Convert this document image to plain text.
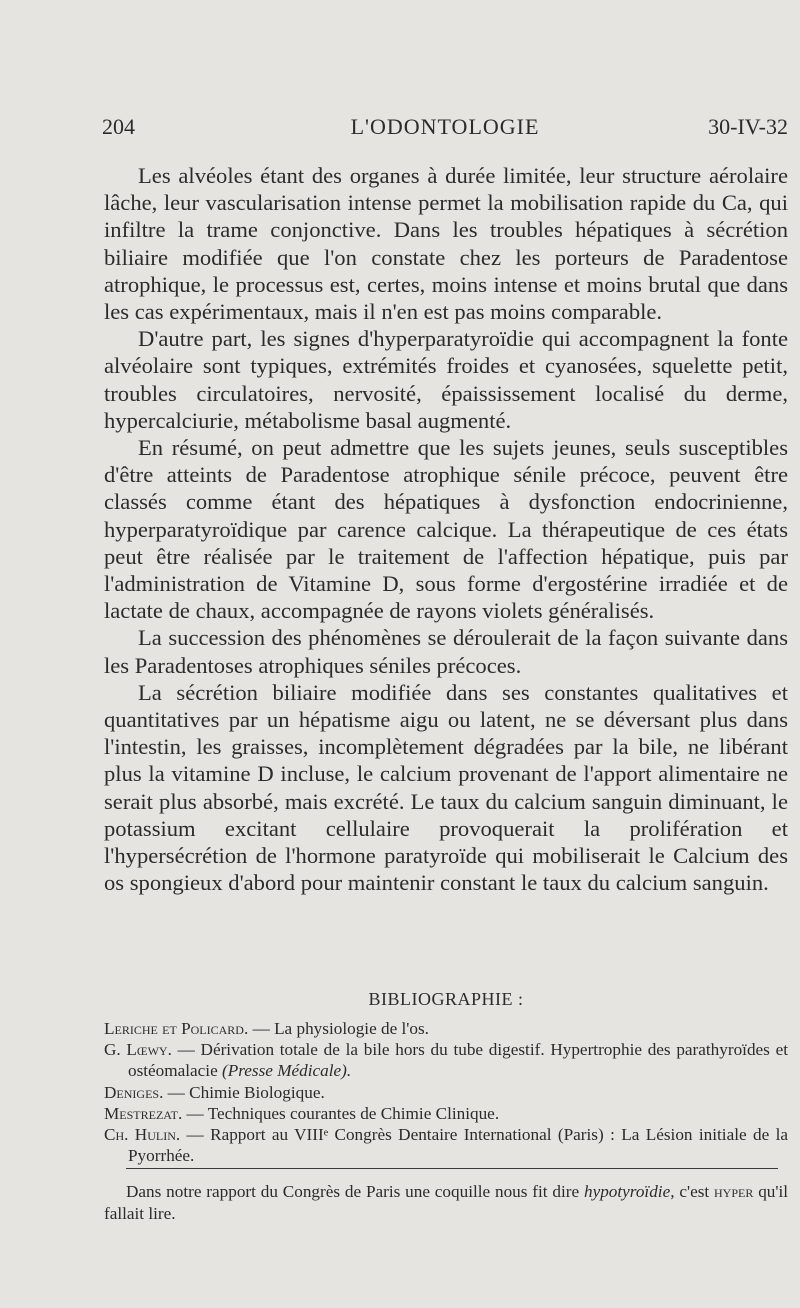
204	L'ODONTOLOGIE	30-IV-32

Les alvéoles étant des organes à durée limitée, leur structure aérolaire lâche, leur vascularisation intense permet la mobilisation rapide du Ca, qui infiltre la trame conjonctive. Dans les troubles hépatiques à sécrétion biliaire modifiée que l'on constate chez les porteurs de Paradentose atrophique, le processus est, certes, moins intense et moins brutal que dans les cas expérimentaux, mais il n'en est pas moins comparable.

D'autre part, les signes d'hyperparatyroïdie qui accompagnent la fonte alvéolaire sont typiques, extrémités froides et cyanosées, squelette petit, troubles circulatoires, nervosité, épaississement localisé du derme, hypercalciurie, métabolisme basal augmenté.

En résumé, on peut admettre que les sujets jeunes, seuls susceptibles d'être atteints de Paradentose atrophique sénile précoce, peuvent être classés comme étant des hépatiques à dysfonction endocrinienne, hyperparatyroïdique par carence calcique. La thérapeutique de ces états peut être réalisée par le traitement de l'affection hépatique, puis par l'administration de Vitamine D, sous forme d'ergostérine irradiée et de lactate de chaux, accompagnée de rayons violets généralisés.

La succession des phénomènes se déroulerait de la façon suivante dans les Paradentoses atrophiques séniles précoces.

La sécrétion biliaire modifiée dans ses constantes qualitatives et quantitatives par un hépatisme aigu ou latent, ne se déversant plus dans l'intestin, les graisses, incomplètement dégradées par la bile, ne libérant plus la vitamine D incluse, le calcium provenant de l'apport alimentaire ne serait plus absorbé, mais excrété. Le taux du calcium sanguin diminuant, le potassium excitant cellulaire provoquerait la prolifération et l'hypersécrétion de l'hormone paratyroïde qui mobiliserait le Calcium des os spongieux d'abord pour maintenir constant le taux du calcium sanguin.

BIBLIOGRAPHIE :

Leriche et Policard. — La physiologie de l'os.

G. Lœwy. — Dérivation totale de la bile hors du tube digestif. Hypertrophie des parathyroïdes et ostéomalacie (Presse Médicale).

Deniges. — Chimie Biologique.

Mestrezat. — Techniques courantes de Chimie Clinique.

Ch. Hulin. — Rapport au VIIIᵉ Congrès Dentaire International (Paris) : La Lésion initiale de la Pyorrhée.

Dans notre rapport du Congrès de Paris une coquille nous fit dire hypotyroïdie, c'est hyper qu'il fallait lire.
